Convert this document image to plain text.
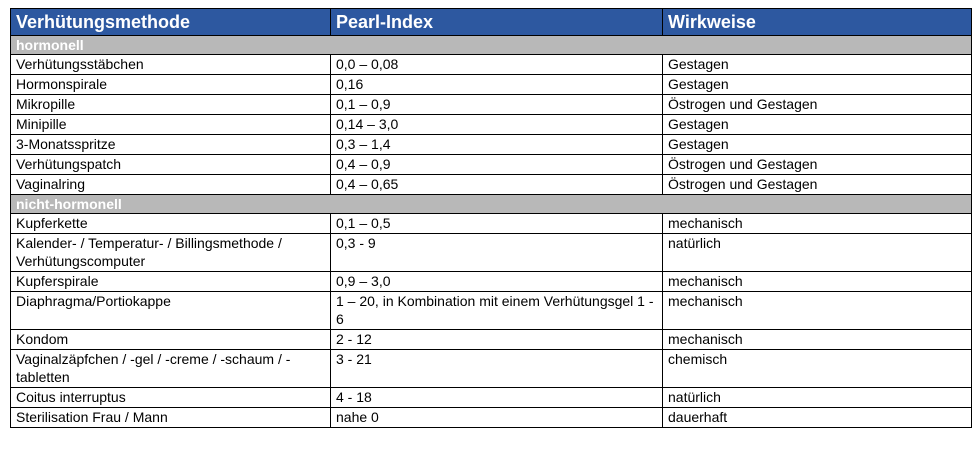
Verhütungsmethode	Pearl-Index	Wirkweise
hormonell		
Verhütungsstäbchen	0,0 – 0,08	Gestagen
Hormonspirale	0,16	Gestagen
Mikropille	0,1 – 0,9	Östrogen und Gestagen
Minipille	0,14 – 3,0	Gestagen
3-Monatsspritze	0,3 – 1,4	Gestagen
Verhütungspatch	0,4 – 0,9	Östrogen und Gestagen
Vaginalring	0,4 – 0,65	Östrogen und Gestagen
nicht-hormonell		
Kupferkette	0,1 – 0,5	mechanisch
Kalender- / Temperatur- / Billingsmethode / Verhütungscomputer	0,3 - 9	natürlich
Kupferspirale	0,9 – 3,0	mechanisch
Diaphragma/Portiokappe	1 – 20, in Kombination mit einem Verhütungsgel 1 - 6	mechanisch
Kondom	2 - 12	mechanisch
Vaginalzäpfchen / -gel / -creme / -schaum / -tabletten	3 - 21	chemisch
Coitus interruptus	4 - 18	natürlich
Sterilisation Frau / Mann	nahe 0	dauerhaft
